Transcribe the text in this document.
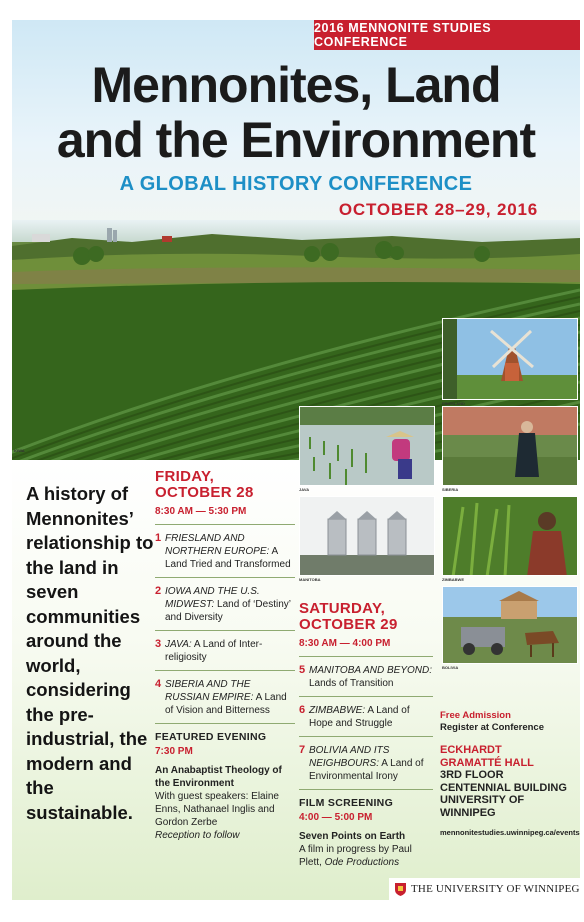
2016 MENNONITE STUDIES CONFERENCE
Mennonites, Land
and the Environment
A GLOBAL HISTORY CONFERENCE
OCTOBER 28–29, 2016
IOWA
FRIESLAND
JAVA	SIBERIA
MANITOBA	ZIMBABWE
BOLIVIA
A history of Mennonites’ relationship to the land in seven communities around the world, considering the pre-industrial, the modern and the sustainable.
FRIDAY,
OCTOBER 28
8:30 AM — 5:30 PM
1 FRIESLAND AND NORTHERN EUROPE: A Land Tried and Transformed
2 IOWA AND THE U.S. MIDWEST: Land of ‘Destiny’ and Diversity
3 JAVA: A Land of Inter-religiosity
4 SIBERIA AND THE RUSSIAN EMPIRE: A Land of Vision and Bitterness
FEATURED EVENING
7:30 PM
An Anabaptist Theology of the Environment
With guest speakers: Elaine Enns, Nathanael Inglis and Gordon Zerbe
Reception to follow
SATURDAY,
OCTOBER 29
8:30 AM — 4:00 PM
5 MANITOBA AND BEYOND: Lands of Transition
6 ZIMBABWE: A Land of Hope and Struggle
7 BOLIVIA AND ITS NEIGHBOURS: A Land of Environmental Irony
FILM SCREENING
4:00 — 5:00 PM
Seven Points on Earth
A film in progress by Paul Plett, Ode Productions
Free Admission
Register at Conference
ECKHARDT
GRAMATTÉ HALL
3RD FLOOR
CENTENNIAL BUILDING
UNIVERSITY OF
WINNIPEG
mennonitestudies.uwinnipeg.ca/events
THE UNIVERSITY OF WINNIPEG
